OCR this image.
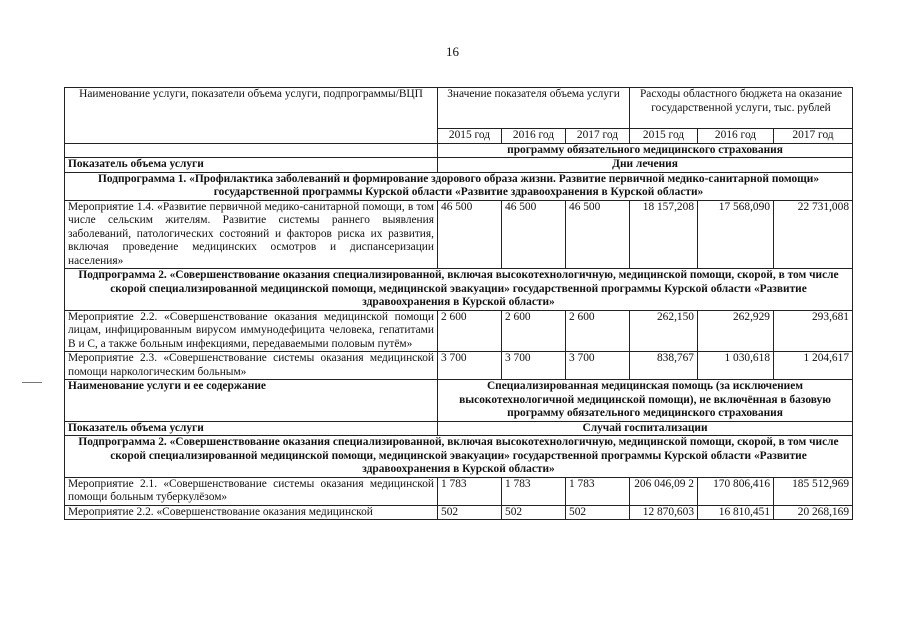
16
Наименование услуги, показатели объема услуги, подпрограммы/ВЦП	Значение показателя объема услуги			Расходы областного бюджета на оказание государственной услуги, тыс. рублей		
	2015 год	2016 год	2017 год	2015 год	2016 год	2017 год
	программу обязательного медицинского страхования					
Показатель объема услуги	Дни лечения					
Подпрограмма 1. «Профилактика заболеваний и формирование здорового образа жизни. Развитие первичной медико-санитарной помощи» государственной программы Курской области «Развитие здравоохранения в Курской области»						
Мероприятие 1.4. «Развитие первичной медико-санитарной помощи, в том числе сельским жителям. Развитие системы раннего выявления заболеваний, патологических состояний и факторов риска их развития, включая проведение медицинских осмотров и диспансеризации населения»	46 500	46 500	46 500	18 157,208	17 568,090	22 731,008
Подпрограмма 2. «Совершенствование оказания специализированной, включая высокотехнологичную, медицинской помощи, скорой, в том числе скорой специализированной медицинской помощи, медицинской эвакуации» государственной программы Курской области «Развитие здравоохранения в Курской области»						
Мероприятие 2.2. «Совершенствование оказания медицинской помощи лицам, инфицированным вирусом иммунодефицита человека, гепатитами В и С, а также больным инфекциями, передаваемыми половым путём»	2 600	2 600	2 600	262,150	262,929	293,681
Мероприятие 2.3. «Совершенствование системы оказания медицинской помощи наркологическим больным»	3 700	3 700	3 700	838,767	1 030,618	1 204,617
Наименование услуги и ее содержание	Специализированная медицинская помощь (за исключением высокотехнологичной медицинской помощи), не включённая в базовую программу обязательного медицинского страхования					
Показатель объема услуги	Случай госпитализации					
Подпрограмма 2. «Совершенствование оказания специализированной, включая высокотехнологичную, медицинской помощи, скорой, в том числе скорой специализированной медицинской помощи, медицинской эвакуации» государственной программы Курской области «Развитие здравоохранения в Курской области»						
Мероприятие 2.1. «Совершенствование системы оказания медицинской помощи больным туберкулёзом»	1 783	1 783	1 783	206 046,09 2	170 806,416	185 512,969
Мероприятие 2.2. «Совершенствование оказания медицинской	502	502	502	12 870,603	16 810,451	20 268,169
